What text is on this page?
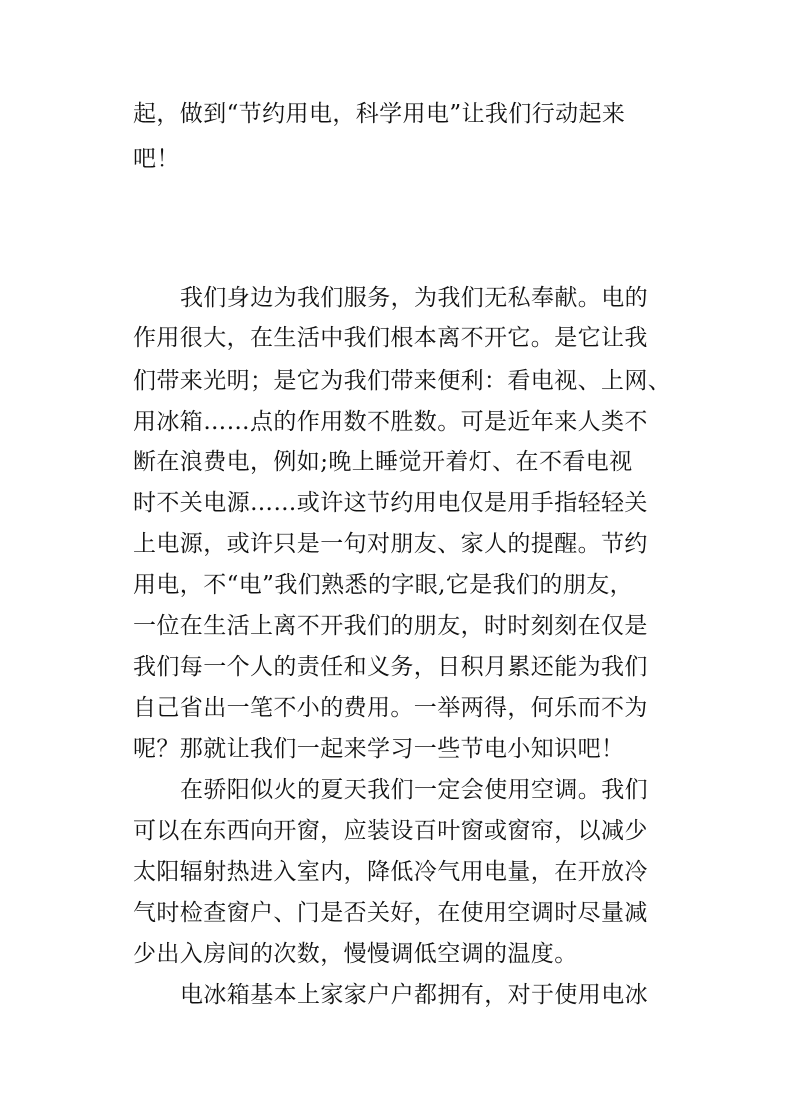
起，做到“节约用电，科学用电”让我们行动起来
吧！
我们身边为我们服务，为我们无私奉献。电的
作用很大，在生活中我们根本离不开它。是它让我
们带来光明；是它为我们带来便利：看电视、上网、
用冰箱……点的作用数不胜数。可是近年来人类不
断在浪费电，例如;晚上睡觉开着灯、在不看电视
时不关电源……或许这节约用电仅是用手指轻轻关
上电源，或许只是一句对朋友、家人的提醒。节约
用电，不“电”我们熟悉的字眼,它是我们的朋友，
一位在生活上离不开我们的朋友，时时刻刻在仅是
我们每一个人的责任和义务，日积月累还能为我们
自己省出一笔不小的费用。一举两得，何乐而不为
呢？那就让我们一起来学习一些节电小知识吧！
在骄阳似火的夏天我们一定会使用空调。我们
可以在东西向开窗，应装设百叶窗或窗帘，以减少
太阳辐射热进入室内，降低冷气用电量，在开放冷
气时检查窗户、门是否关好，在使用空调时尽量减
少出入房间的次数，慢慢调低空调的温度。
电冰箱基本上家家户户都拥有，对于使用电冰
